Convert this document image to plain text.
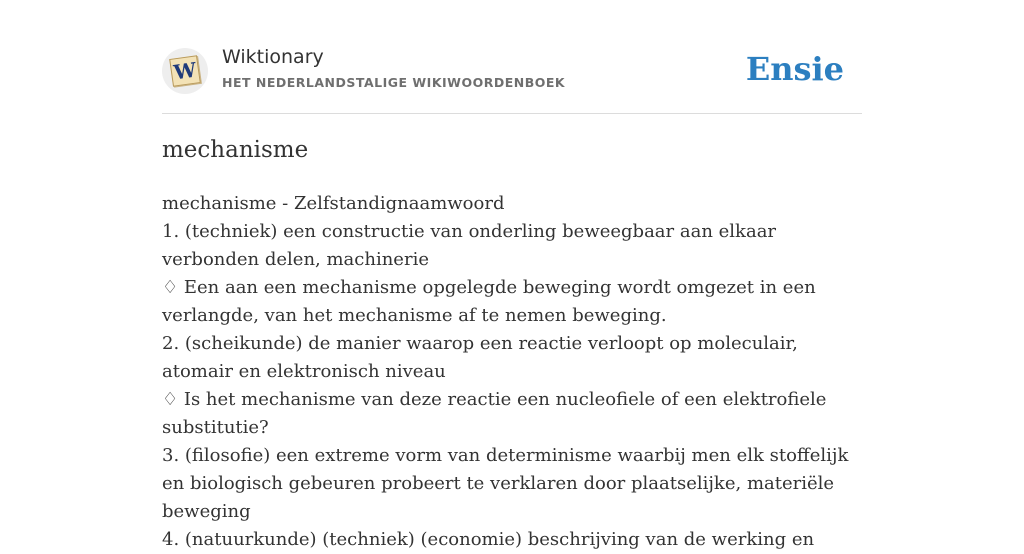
W
Wiktionary
HET NEDERLANDSTALIGE WIKIWOORDENBOEK	Ensie
mechanisme

mechanisme - Zelfstandignaamwoord

1. (techniek) een constructie van onderling beweegbaar aan elkaar verbonden delen, machinerie

♢ Een aan een mechanisme opgelegde beweging wordt omgezet in een verlangde, van het mechanisme af te nemen beweging.

2. (scheikunde) de manier waarop een reactie verloopt op moleculair, atomair en elektronisch niveau

♢ Is het mechanisme van deze reactie een nucleofiele of een elektrofiele substitutie?

3. (filosofie) een extreme vorm van determinisme waarbij men elk stoffelijk en biologisch gebeuren probeert te verklaren door plaatselijke, materiële beweging

4. (natuurkunde) (techniek) (economie) beschrijving van de werking en
